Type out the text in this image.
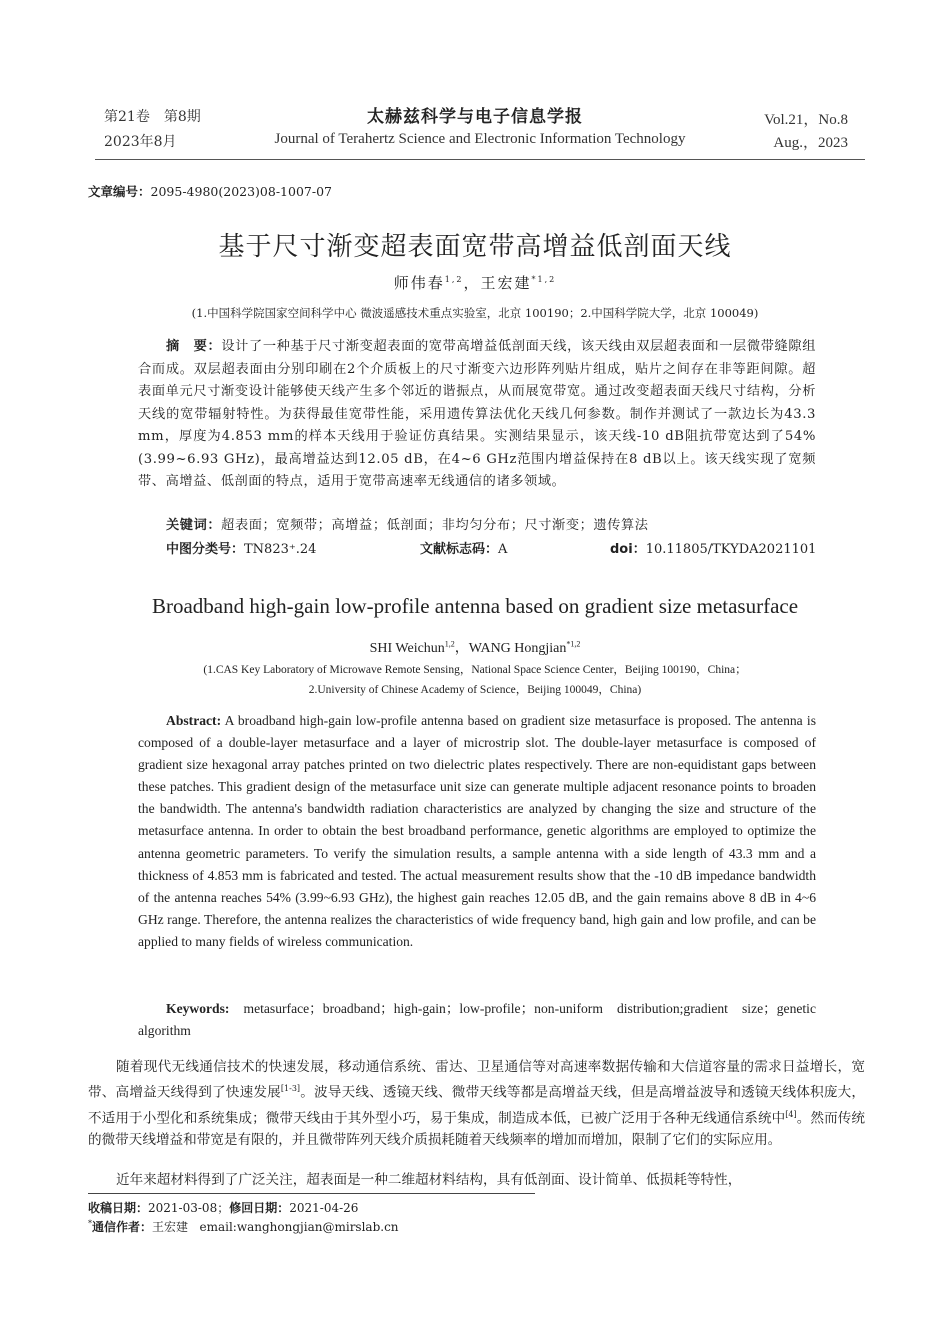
第21卷　第8期
2023年8月
太赫兹科学与电子信息学报
Journal of Terahertz Science and Electronic Information Technology
Vol.21，No.8
Aug.，2023
文章编号：2095-4980(2023)08-1007-07
基于尺寸渐变超表面宽带高增益低剖面天线
师伟春$^{1,2}$，王宏建$^{*1,2}$
(1.中国科学院国家空间科学中心 微波遥感技术重点实验室，北京 100190；2.中国科学院大学，北京 100049)
摘　要：设计了一种基于尺寸渐变超表面的宽带高增益低剖面天线，该天线由双层超表面和一层微带缝隙组合而成。双层超表面由分别印刷在2个介质板上的尺寸渐变六边形阵列贴片组成，贴片之间存在非等距间隙。超表面单元尺寸渐变设计能够使天线产生多个邻近的谐振点，从而展宽带宽。通过改变超表面天线尺寸结构，分析天线的宽带辐射特性。为获得最佳宽带性能，采用遗传算法优化天线几何参数。制作并测试了一款边长为43.3 mm，厚度为4.853 mm的样本天线用于验证仿真结果。实测结果显示，该天线-10 dB阻抗带宽达到了54%(3.99~6.93 GHz)，最高增益达到12.05 dB，在4~6 GHz范围内增益保持在8 dB以上。该天线实现了宽频带、高增益、低剖面的特点，适用于宽带高速率无线通信的诸多领域。
关键词：超表面；宽频带；高增益；低剖面；非均匀分布；尺寸渐变；遗传算法
中图分类号：TN823⁺.24	文献标志码：A	doi：10.11805/TKYDA2021101
Broadband high-gain low-profile antenna based on gradient size metasurface
SHI Weichun$^{1,2}$，WANG Hongjian$^{*1,2}$
(1.CAS Key Laboratory of Microwave Remote Sensing，National Space Science Center，Beijing 100190，China；
2.University of Chinese Academy of Science，Beijing 100049，China)
Abstract: A broadband high-gain low-profile antenna based on gradient size metasurface is proposed. The antenna is composed of a double-layer metasurface and a layer of microstrip slot. The double-layer metasurface is composed of gradient size hexagonal array patches printed on two dielectric plates respectively. There are non-equidistant gaps between these patches. This gradient design of the metasurface unit size can generate multiple adjacent resonance points to broaden the bandwidth. The antenna's bandwidth radiation characteristics are analyzed by changing the size and structure of the metasurface antenna. In order to obtain the best broadband performance, genetic algorithms are employed to optimize the antenna geometric parameters. To verify the simulation results, a sample antenna with a side length of 43.3 mm and a thickness of 4.853 mm is fabricated and tested. The actual measurement results show that the -10 dB impedance bandwidth of the antenna reaches 54% (3.99~6.93 GHz), the highest gain reaches 12.05 dB, and the gain remains above 8 dB in 4~6 GHz range. Therefore, the antenna realizes the characteristics of wide frequency band, high gain and low profile, and can be applied to many fields of wireless communication.
Keywords: metasurface；broadband；high-gain；low-profile；non-uniform distribution;gradient size；genetic algorithm
随着现代无线通信技术的快速发展，移动通信系统、雷达、卫星通信等对高速率数据传输和大信道容量的需求日益增长，宽带、高增益天线得到了快速发展[1-3]。波导天线、透镜天线、微带天线等都是高增益天线，但是高增益波导和透镜天线体积庞大，不适用于小型化和系统集成；微带天线由于其外型小巧，易于集成，制造成本低，已被广泛用于各种无线通信系统中[4]。然而传统的微带天线增益和带宽是有限的，并且微带阵列天线介质损耗随着天线频率的增加而增加，限制了它们的实际应用。
近年来超材料得到了广泛关注，超表面是一种二维超材料结构，具有低剖面、设计简单、低损耗等特性，
收稿日期：2021-03-08；修回日期：2021-04-26
*通信作者：王宏建 email:wanghongjian@mirslab.cn
